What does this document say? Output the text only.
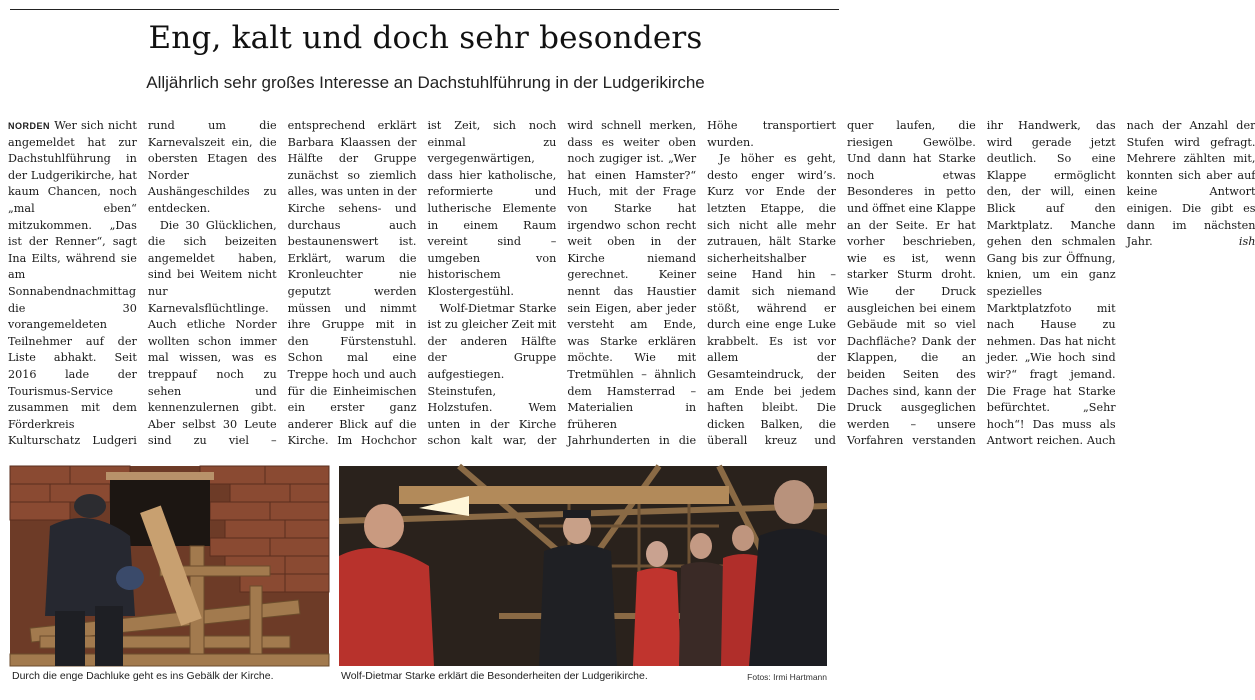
Eng, kalt und doch sehr besonders
Alljährlich sehr großes Interesse an Dachstuhlführung in der Ludgerikirche

NORDEN Wer sich nicht angemeldet hat zur Dachstuhlführung in der Ludgerikirche, hat kaum Chancen, noch „mal eben“ mitzukommen. „Das ist der Renner“, sagt Ina Eilts, während sie am Sonnabendnachmittag die 30 vorangemeldeten Teilnehmer auf der Liste abhakt. Seit 2016 lade der Tourismus-Service zusammen mit dem Förderkreis Kulturschatz Ludgeri rund um die Karnevalszeit ein, die obersten Etagen des Norder Aushängeschildes zu entdecken.

Die 30 Glücklichen, die sich beizeiten angemeldet haben, sind bei Weitem nicht nur Karnevalsflüchtlinge. Auch etliche Norder wollten schon immer mal wissen, was es treppauf noch zu sehen und kennenzulernen gibt. Aber selbst 30 Leute sind zu viel – entsprechend erklärt Barbara Klaassen der Hälfte der Gruppe zunächst so ziemlich alles, was unten in der Kirche sehens- und durchaus auch bestaunenswert ist. Erklärt, warum die Kronleuchter nie geputzt werden müssen und nimmt ihre Gruppe mit in den Fürstenstuhl. Schon mal eine Treppe hoch und auch für die Einheimischen ein erster ganz anderer Blick auf die Kirche. Im Hochchor ist Zeit, sich noch einmal zu vergegenwärtigen, dass hier katholische, reformierte und lutherische Elemente in einem Raum vereint sind – umgeben von historischem Klostergestühl.

Wolf-Dietmar Starke ist zu gleicher Zeit mit der anderen Hälfte der Gruppe aufgestiegen. Steinstufen, Holzstufen. Wem unten in der Kirche schon kalt war, der wird schnell merken, dass es weiter oben noch zugiger ist. „Wer hat einen Hamster?“ Huch, mit der Frage von Starke hat irgendwo schon recht weit oben in der Kirche niemand gerechnet. Keiner nennt das Haustier sein Eigen, aber jeder versteht am Ende, was Starke erklären möchte. Wie mit Tretmühlen – ähnlich dem Hamsterrad – Materialien in früheren Jahrhunderten in die Höhe transportiert wurden.

Je höher es geht, desto enger wird’s. Kurz vor Ende der letzten Etappe, die sich nicht alle mehr zutrauen, hält Starke sicherheitshalber seine Hand hin – damit sich niemand stößt, während er durch eine enge Luke krabbelt. Es ist vor allem der Gesamteindruck, der am Ende bei jedem haften bleibt. Die dicken Balken, die überall kreuz und quer laufen, die riesigen Gewölbe. Und dann hat Starke noch etwas Besonderes in petto und öffnet eine Klappe an der Seite. Er hat vorher beschrieben, wie es ist, wenn starker Sturm droht. Wie der Druck ausgleichen bei einem Gebäude mit so viel Dachfläche? Dank der Klappen, die an beiden Seiten des Daches sind, kann der Druck ausgeglichen werden – unsere Vorfahren verstanden ihr Handwerk, das wird gerade jetzt deutlich. So eine Klappe ermöglicht den, der will, einen Blick auf den Marktplatz. Manche gehen den schmalen Gang bis zur Öffnung, knien, um ein ganz spezielles Marktplatzfoto mit nach Hause zu nehmen. Das hat nicht jeder. „Wie hoch sind wir?“ fragt jemand. Die Frage hat Starke befürchtet. „Sehr hoch“! Das muss als Antwort reichen. Auch nach der Anzahl der Stufen wird gefragt. Mehrere zählten mit, konnten sich aber auf keine Antwort einigen. Die gibt es dann im nächsten Jahr.	ish

Durch die enge Dachluke geht es ins Gebälk der Kirche.	Wolf-Dietmar Starke erklärt die Besonderheiten der Ludgerikirche.	Fotos: Irmi Hartmann
